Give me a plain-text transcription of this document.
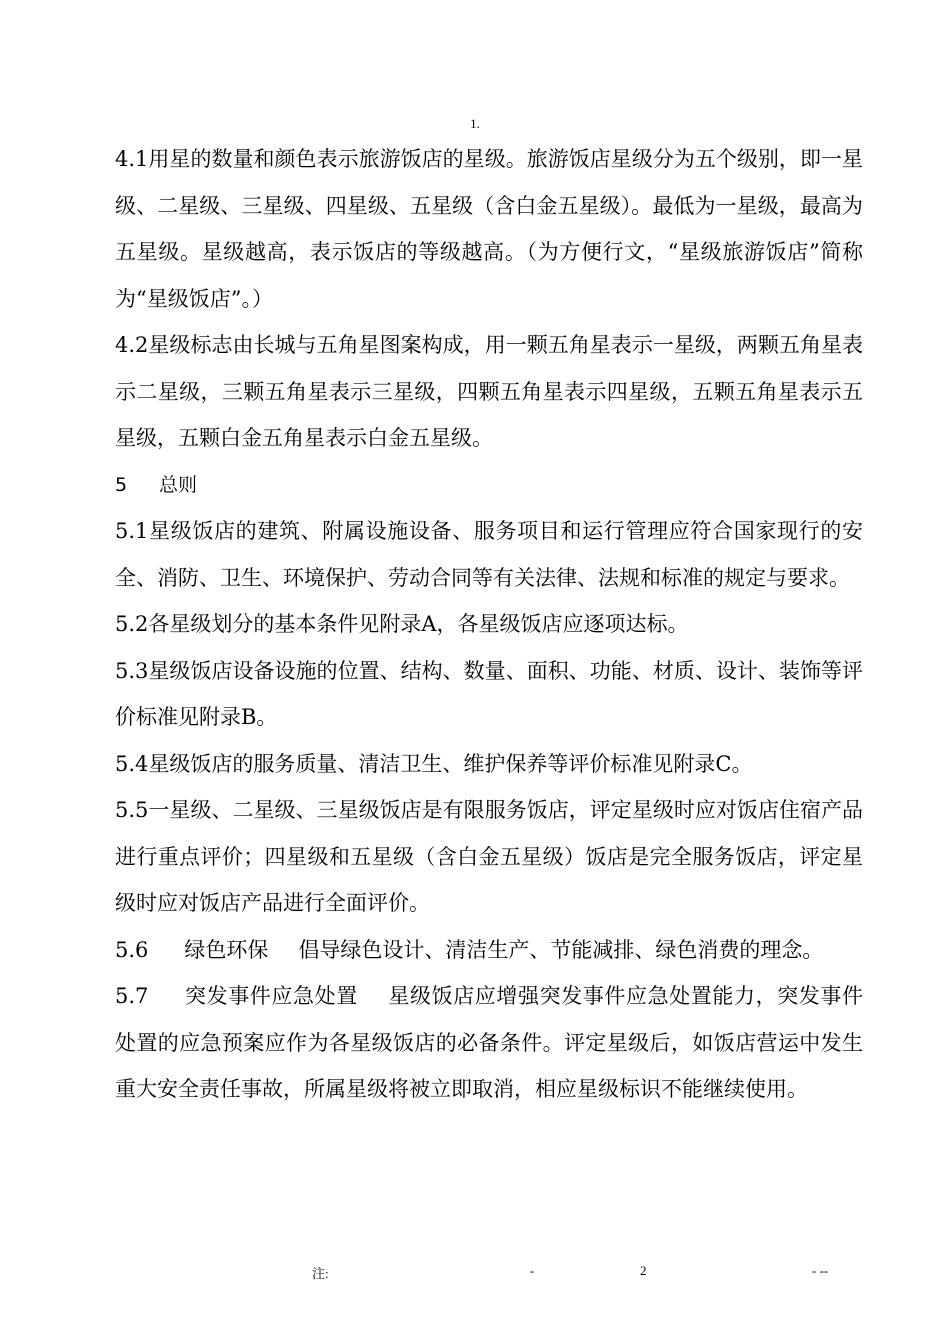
1.

4.1用星的数量和颜色表示旅游饭店的星级。旅游饭店星级分为五个级别，即一星级、二星级、三星级、四星级、五星级（含白金五星级）。最低为一星级，最高为五星级。星级越高，表示饭店的等级越高。（为方便行文，“星级旅游饭店”简称为“星级饭店”。）

4.2星级标志由长城与五角星图案构成，用一颗五角星表示一星级，两颗五角星表示二星级，三颗五角星表示三星级，四颗五角星表示四星级，五颗五角星表示五星级，五颗白金五角星表示白金五星级。

5 总则

5.1星级饭店的建筑、附属设施设备、服务项目和运行管理应符合国家现行的安全、消防、卫生、环境保护、劳动合同等有关法律、法规和标准的规定与要求。

5.2各星级划分的基本条件见附录A，各星级饭店应逐项达标。

5.3星级饭店设备设施的位置、结构、数量、面积、功能、材质、设计、装饰等评价标准见附录B。

5.4星级饭店的服务质量、清洁卫生、维护保养等评价标准见附录C。

5.5一星级、二星级、三星级饭店是有限服务饭店，评定星级时应对饭店住宿产品进行重点评价；四星级和五星级（含白金五星级）饭店是完全服务饭店，评定星级时应对饭店产品进行全面评价。

5.6 绿色环保 倡导绿色设计、清洁生产、节能减排、绿色消费的理念。

5.7 突发事件应急处置 星级饭店应增强突发事件应急处置能力，突发事件处置的应急预案应作为各星级饭店的必备条件。评定星级后，如饭店营运中发生重大安全责任事故，所属星级将被立即取消，相应星级标识不能继续使用。

注:	-	2	- --
